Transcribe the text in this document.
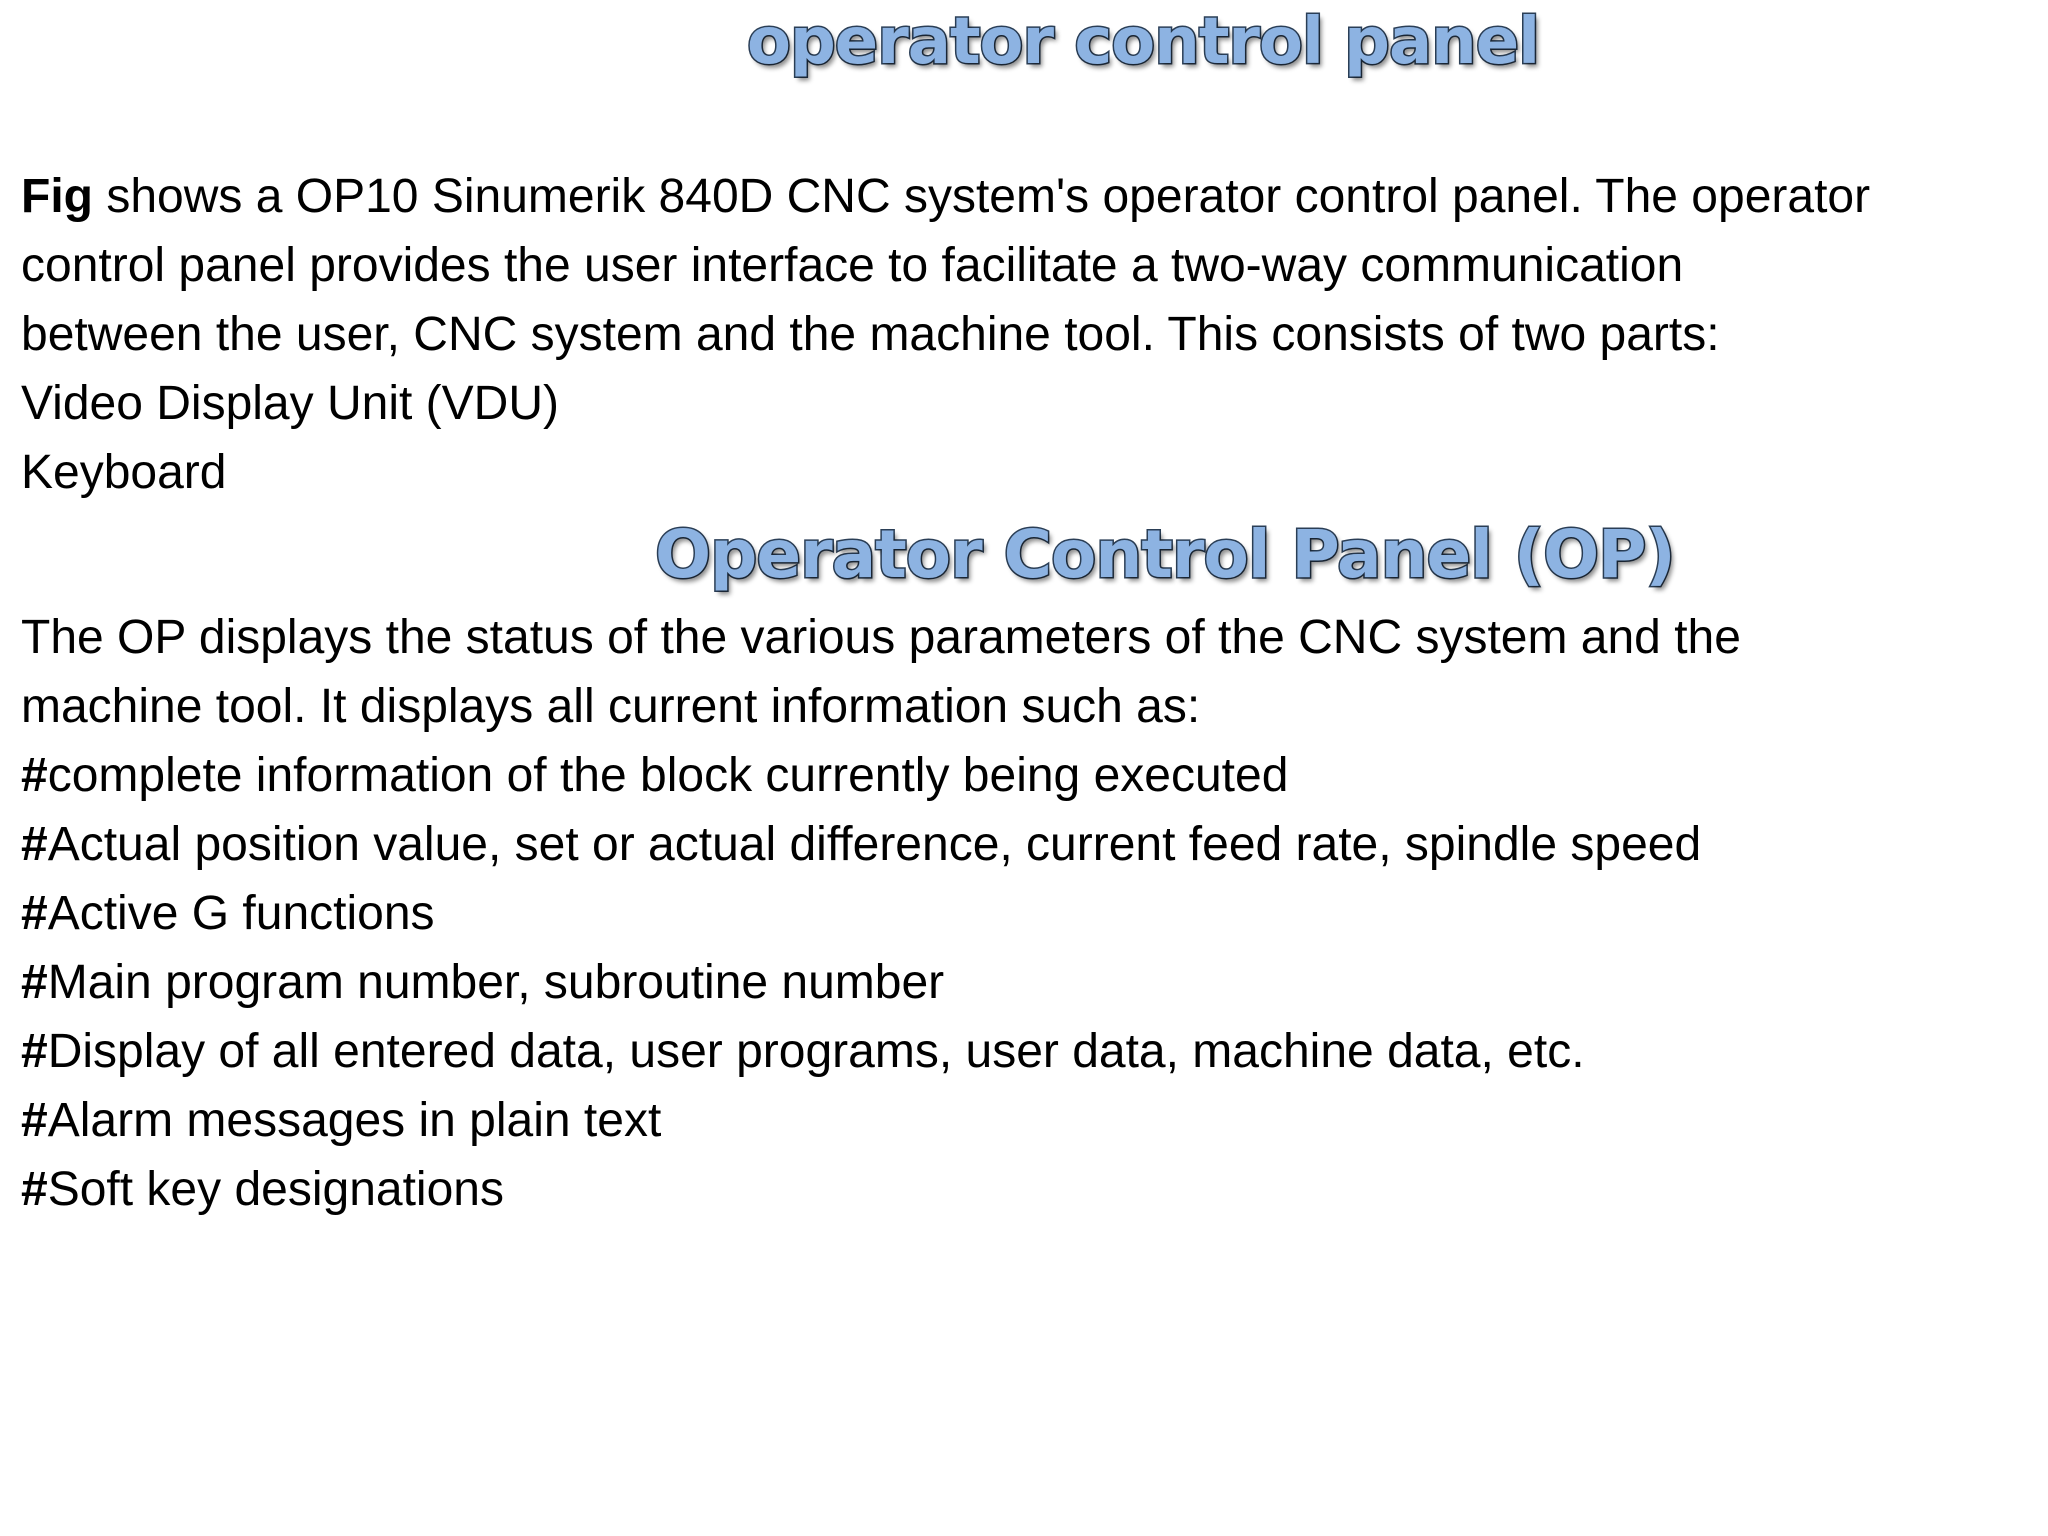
operator control panel
Fig shows a OP10 Sinumerik 840D CNC system's operator control panel. The operator
control panel provides the user interface to facilitate a two-way communication
between the user, CNC system and the machine tool. This consists of two parts:
Video Display Unit (VDU)
Keyboard
Operator Control Panel (OP)
The OP displays the status of the various parameters of the CNC system and the
machine tool. It displays all current information such as:
#complete information of the block currently being executed
#Actual position value, set or actual difference, current feed rate, spindle speed
#Active G functions
#Main program number, subroutine number
#Display of all entered data, user programs, user data, machine data, etc.
#Alarm messages in plain text
#Soft key designations
